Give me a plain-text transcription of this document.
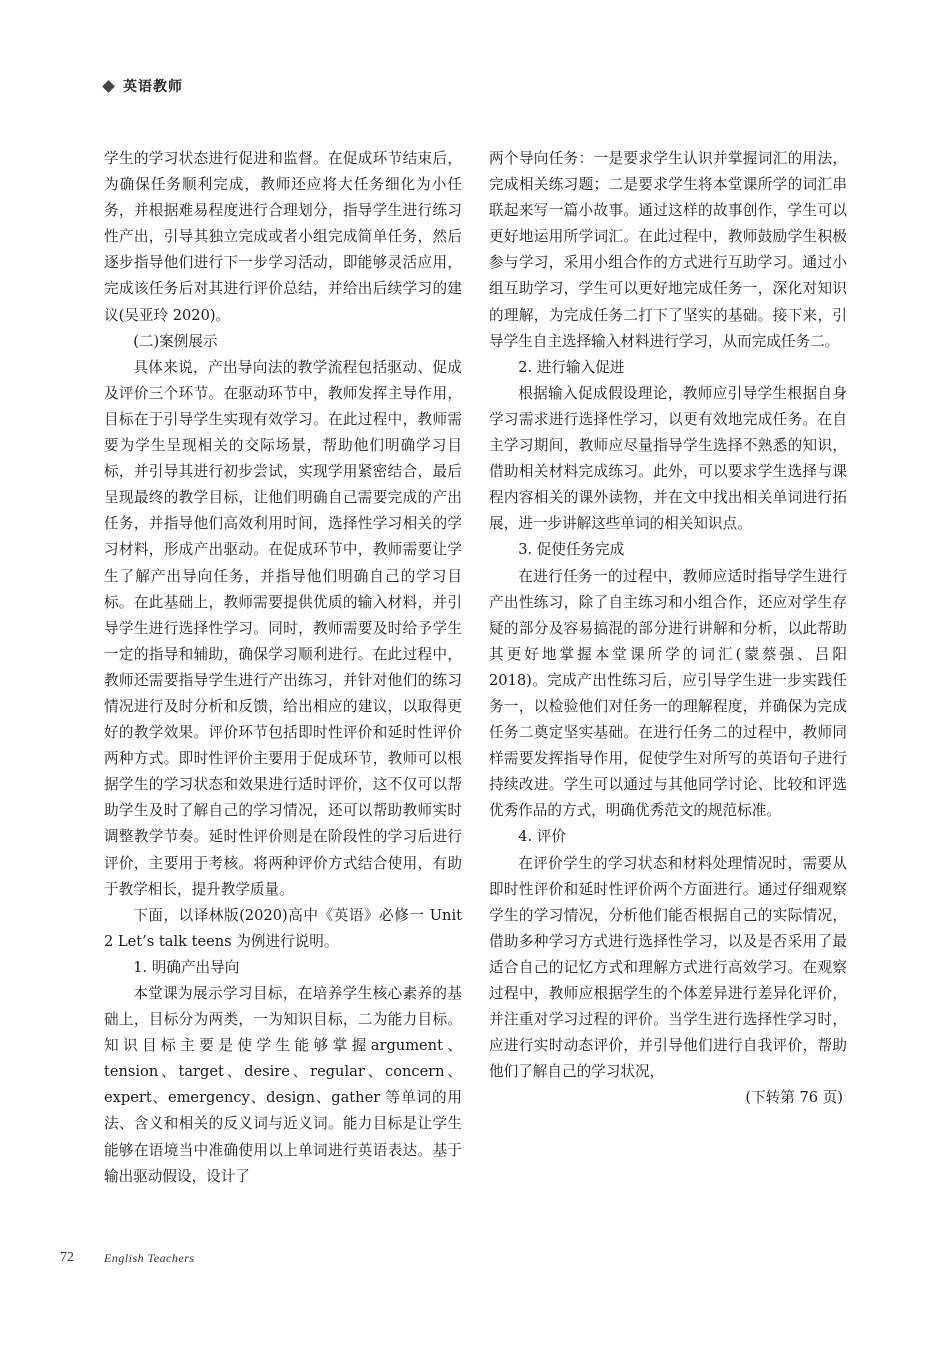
英语教师

学生的学习状态进行促进和监督。在促成环节结束后，为确保任务顺利完成，教师还应将大任务细化为小任务，并根据难易程度进行合理划分，指导学生进行练习性产出，引导其独立完成或者小组完成简单任务，然后逐步指导他们进行下一步学习活动，即能够灵活应用，完成该任务后对其进行评价总结，并给出后续学习的建议(吴亚玲 2020)。

(二)案例展示

具体来说，产出导向法的教学流程包括驱动、促成及评价三个环节。在驱动环节中，教师发挥主导作用，目标在于引导学生实现有效学习。在此过程中，教师需要为学生呈现相关的交际场景，帮助他们明确学习目标，并引导其进行初步尝试，实现学用紧密结合，最后呈现最终的教学目标，让他们明确自己需要完成的产出任务，并指导他们高效利用时间，选择性学习相关的学习材料，形成产出驱动。在促成环节中，教师需要让学生了解产出导向任务，并指导他们明确自己的学习目标。在此基础上，教师需要提供优质的输入材料，并引导学生进行选择性学习。同时，教师需要及时给予学生一定的指导和辅助，确保学习顺利进行。在此过程中，教师还需要指导学生进行产出练习，并针对他们的练习情况进行及时分析和反馈，给出相应的建议，以取得更好的教学效果。评价环节包括即时性评价和延时性评价两种方式。即时性评价主要用于促成环节，教师可以根据学生的学习状态和效果进行适时评价，这不仅可以帮助学生及时了解自己的学习情况，还可以帮助教师实时调整教学节奏。延时性评价则是在阶段性的学习后进行评价，主要用于考核。将两种评价方式结合使用，有助于教学相长，提升教学质量。

下面，以译林版(2020)高中《英语》必修一 Unit 2 Let’s talk teens 为例进行说明。

1. 明确产出导向

本堂课为展示学习目标，在培养学生核心素养的基础上，目标分为两类，一为知识目标，二为能力目标。知识目标主要是使学生能够掌握argument、tension、target、desire、regular、concern、expert、emergency、design、gather 等单词的用法、含义和相关的反义词与近义词。能力目标是让学生能够在语境当中准确使用以上单词进行英语表达。基于输出驱动假设，设计了

两个导向任务：一是要求学生认识并掌握词汇的用法，完成相关练习题；二是要求学生将本堂课所学的词汇串联起来写一篇小故事。通过这样的故事创作，学生可以更好地运用所学词汇。在此过程中，教师鼓励学生积极参与学习，采用小组合作的方式进行互助学习。通过小组互助学习，学生可以更好地完成任务一，深化对知识的理解，为完成任务二打下了坚实的基础。接下来，引导学生自主选择输入材料进行学习，从而完成任务二。

2. 进行输入促进

根据输入促成假设理论，教师应引导学生根据自身学习需求进行选择性学习，以更有效地完成任务。在自主学习期间，教师应尽量指导学生选择不熟悉的知识，借助相关材料完成练习。此外，可以要求学生选择与课程内容相关的课外读物，并在文中找出相关单词进行拓展，进一步讲解这些单词的相关知识点。

3. 促使任务完成

在进行任务一的过程中，教师应适时指导学生进行产出性练习，除了自主练习和小组合作，还应对学生存疑的部分及容易搞混的部分进行讲解和分析，以此帮助其更好地掌握本堂课所学的词汇(蒙蔡强、吕阳 2018)。完成产出性练习后，应引导学生进一步实践任务一，以检验他们对任务一的理解程度，并确保为完成任务二奠定坚实基础。在进行任务二的过程中，教师同样需要发挥指导作用，促使学生对所写的英语句子进行持续改进。学生可以通过与其他同学讨论、比较和评选优秀作品的方式，明确优秀范文的规范标准。

4. 评价

在评价学生的学习状态和材料处理情况时，需要从即时性评价和延时性评价两个方面进行。通过仔细观察学生的学习情况，分析他们能否根据自己的实际情况，借助多种学习方式进行选择性学习，以及是否采用了最适合自己的记忆方式和理解方式进行高效学习。在观察过程中，教师应根据学生的个体差异进行差异化评价，并注重对学习过程的评价。当学生进行选择性学习时，应进行实时动态评价，并引导他们进行自我评价，帮助他们了解自己的学习状况，

(下转第 76 页)

72	English Teachers
